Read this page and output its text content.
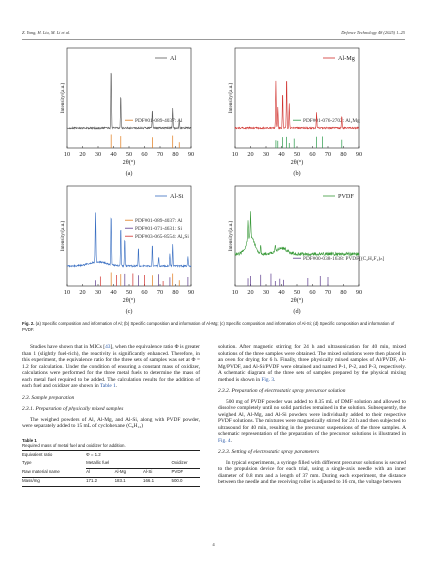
Z. Yang, H. Liu, M. Li et al.	Defence Technology 48 (2025) 1–25
10 20 30 40 50 60 70 80 90
2θ(°)
Intensity/(a.u.)
(a)
PDF#01-089-4037: Al
Al
10 20 30 40 50 60 70 80 90
2θ(°)
Intensity/(a.u.)
(b)
PDF#01-076-2702: Al₂Mg
Al-Mg
10 20 30 40 50 60 70 80 90
2θ(°)
Intensity/(a.u.)
(c)
PDF#01-089-4037: Al
PDF#01-071-4631: Si
PDF#03-065-8554: Al₂Si
Al-Si
10 20 30 40 50 60 70 80 90
2θ(°)
Intensity/(a.u.)
(d)
PDF#00-038-1638: PVDF[(C₂H₂F₂)ₙ]
PVDF
Fig. 2. (a) Specific composition and information of Al; (b) Specific composition and information of Al-Mg; (c) Specific composition and information of Al-Si; (d) Specific composition and information of PVDF.

Studies have shown that in MICs [43], when the equivalence ratio Φ is greater than 1 (slightly fuel-rich), the reactivity is significantly enhanced. Therefore, in this experiment, the equivalence ratio for the three sets of samples was set at Φ = 1.2 for calculation. Under the condition of ensuring a constant mass of oxidizer, calculations were performed for the three metal fuels to determine the mass of each metal fuel required to be added. The calculation results for the addition of each fuel and oxidizer are shown in Table 1.

2.3. Sample preparation
2.3.1. Preparation of physically mixed samples

The weighed powders of Al, Al-Mg, and Al-Si, along with PVDF powder, were separately added to 15 mL of cyclohexane (C₆H₁₂)

Table 1
Required mass of metal fuel and oxidizer for addition.
Equivalent ratio	Φ = 1.2			
Type	Metallic fuel			Oxidizer
Raw material name	Al	Al-Mg	Al-Si	PVDF
Mass/mg	171.2	183.1	166.1	500.0

solution. After magnetic stirring for 24 h and ultrasonication for 40 min, mixed solutions of the three samples were obtained. The mixed solutions were then placed in an oven for drying for 6 h. Finally, three physically mixed samples of Al/PVDF, Al-Mg/PVDF, and Al-Si/PVDF were obtained and named P-1, P-2, and P-3, respectively. A schematic diagram of the three sets of samples prepared by the physical mixing method is shown in Fig. 3.

2.3.2. Preparation of electrostatic spray precursor solution

500 mg of PVDF powder was added to 8.35 mL of DMF solution and allowed to dissolve completely until no solid particles remained in the solution. Subsequently, the weighed Al, Al-Mg, and Al-Si powders were individually added to their respective PVDF solutions. The mixtures were magnetically stirred for 24 h and then subjected to ultrasound for 40 min, resulting in the precursor suspensions of the three samples. A schematic representation of the preparation of the precursor solutions is illustrated in Fig. 4.

2.3.3. Setting of electrostatic spray parameters

In typical experiments, a syringe filled with different precursor solutions is secured to the propulsion device for each trial, using a single-axis needle with an inner diameter of 0.8 mm and a length of 37 mm. During each experiment, the distance between the needle and the receiving roller is adjusted to 16 cm, the voltage between

4
